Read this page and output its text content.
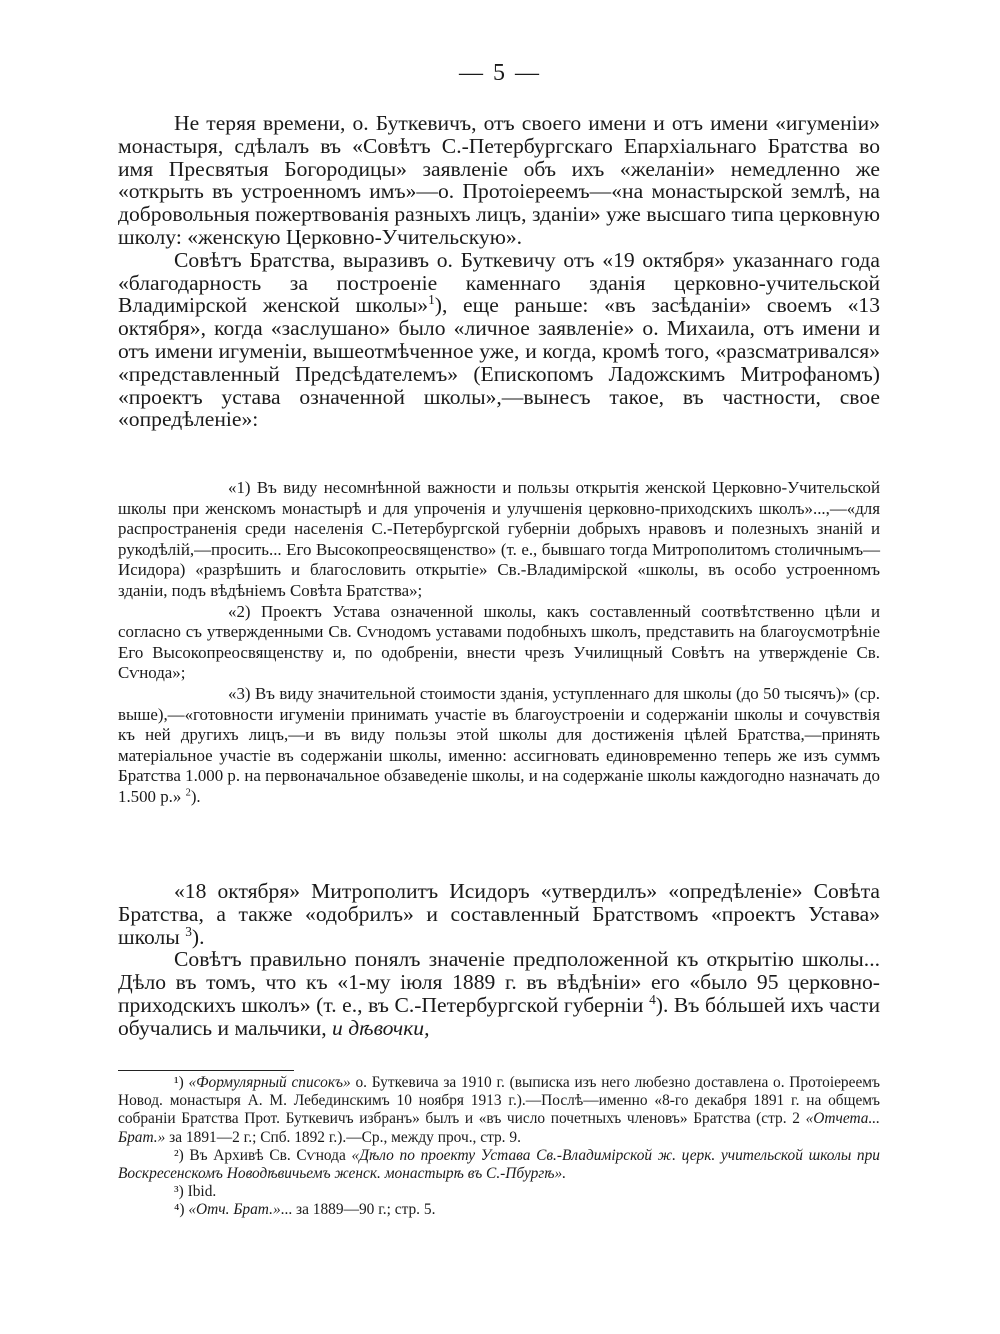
— 5 —

Не теряя времени, о. Буткевичъ, отъ своего имени и отъ имени «игуменіи» монастыря, сдѣлалъ въ «Совѣтъ С.-Петербургскаго Епархіальнаго Братства во имя Пресвятыя Богородицы» заявленіе объ ихъ «желаніи» немедленно же «открыть въ устроенномъ имъ»—о. Протоіереемъ—«на монастырской землѣ, на добровольныя пожертвованія разныхъ лицъ, зданіи» уже высшаго типа церковную школу: «женскую Церковно-Учительскую».

Совѣтъ Братства, выразивъ о. Буткевичу отъ «19 октября» указаннаго года «благодарность за построеніе каменнаго зданія церковно-учительской Владимірской женской школы»$^1$), еще раньше: «въ засѣданіи» своемъ «13 октября», когда «заслушано» было «личное заявленіе» о. Михаила, отъ имени и отъ имени игуменіи, вышеотмѣченное уже, и когда, кромѣ того, «разсматривался» «представленный Предсѣдателемъ» (Епископомъ Ладожскимъ Митрофаномъ) «проектъ устава означенной школы»,—вынесъ такое, въ частности, свое «опредѣленіе»:

«1) Въ виду несомнѣнной важности и пользы открытія женской Церковно-Учительской школы при женскомъ монастырѣ и для упроченія и улучшенія церковно-приходскихъ школъ»...,—«для распространенія среди населенія С.-Петербургской губерніи добрыхъ нравовъ и полезныхъ знаній и рукодѣлій,—просить... Его Высокопреосвященство» (т. е., бывшаго тогда Митрополитомъ столичнымъ—Исидора) «разрѣшить и благословить открытіе» Св.-Владимірской «школы, въ особо устроенномъ зданіи, подъ вѣдѣніемъ Совѣта Братства»;

«2) Проектъ Устава означенной школы, какъ составленный соотвѣтственно цѣли и согласно съ утвержденными Св. Сѵнодомъ уставами подобныхъ школъ, представить на благоусмотрѣніе Его Высокопреосвященству и, по одобреніи, внести чрезъ Училищный Совѣтъ на утвержденіе Св. Сѵнода»;

«3) Въ виду значительной стоимости зданія, уступленнаго для школы (до 50 тысячъ)» (ср. выше),—«готовности игуменіи принимать участіе въ благоустроеніи и содержаніи школы и сочувствія къ ней другихъ лицъ,—и въ виду пользы этой школы для достиженія цѣлей Братства,—принять матеріальное участіе въ содержаніи школы, именно: ассигновать единовременно теперь же изъ суммъ Братства 1.000 р. на первоначальное обзаведеніе школы, и на содержаніе школы каждогодно назначать до 1.500 р.» $^2$).

«18 октября» Митрополитъ Исидоръ «утвердилъ» «опредѣленіе» Совѣта Братства, а также «одобрилъ» и составленный Братствомъ «проектъ Устава» школы $^3$).

Совѣтъ правильно понялъ значеніе предположенной къ открытію школы... Дѣло въ томъ, что къ «1-му іюля 1889 г. въ вѣдѣніи» его «было 95 церковно-приходскихъ школъ» (т. е., въ С.-Петербургской губерніи $^4$). Въ бóльшей ихъ части обучались и мальчики, и дѣвочки,

¹) «Формулярный списокъ» о. Буткевича за 1910 г. (выписка изъ него любезно доставлена о. Протоіереемъ Новод. монастыря А. М. Лебединскимъ 10 ноября 1913 г.).—Послѣ—именно «8-го декабря 1891 г. на общемъ собраніи Братства Прот. Буткевичъ избранъ» былъ и «въ число почетныхъ членовъ» Братства (стр. 2 «Отчета... Брат.» за 1891—2 г.; Спб. 1892 г.).—Ср., между проч., стр. 9.

²) Въ Архивѣ Св. Сѵнода «Дѣло по проекту Устава Св.-Владимірской ж. церк. учительской школы при Воскресенскомъ Новодѣвичьемъ женск. монастырѣ въ С.-Пбургѣ».

³) Ibid.

⁴) «Отч. Брат.»... за 1889—90 г.; стр. 5.
